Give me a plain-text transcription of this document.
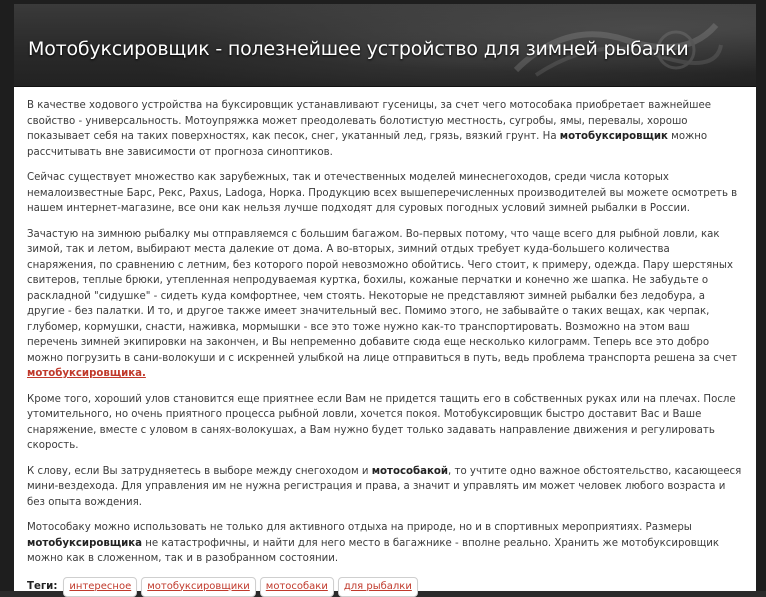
Мотобуксировщик - полезнейшее устройство для зимней рыбалки

В качестве ходового устройства на буксировщик устанавливают гусеницы, за счет чего мотособака приобретает важнейшее свойство - универсальность. Мотоупряжка может преодолевать болотистую местность, сугробы, ямы, перевалы, хорошо показывает себя на таких поверхностях, как песок, снег, укатанный лед, грязь, вязкий грунт. На мотобуксировщик можно рассчитывать вне зависимости от прогноза синоптиков.

Сейчас существует множество как зарубежных, так и отечественных моделей минеснегоходов, среди числа которых немалоизвестные Барс, Рекс, Paxus, Ladoga, Норка. Продукцию всех вышеперечисленных производителей вы можете осмотреть в нашем интернет-магазине, все они как нельзя лучше подходят для суровых погодных условий зимней рыбалки в России.

Зачастую на зимнюю рыбалку мы отправляемся с большим багажом. Во-первых потому, что чаще всего для рыбной ловли, как зимой, так и летом, выбирают места далекие от дома. А во-вторых, зимний отдых требует куда-большего количества снаряжения, по сравнению с летним, без которого порой невозможно обойтись. Чего стоит, к примеру, одежда. Пару шерстяных свитеров, теплые брюки, утепленная непродуваемая куртка, бохилы, кожаные перчатки и конечно же шапка. Не забудьте о раскладной "сидушке" - сидеть куда комфортнее, чем стоять. Некоторые не представляют зимней рыбалки без ледобура, а другие - без палатки. И то, и другое также имеет значительный вес. Помимо этого, не забывайте о таких вещах, как черпак, глубомер, кормушки, снасти, наживка, мормышки - все это тоже нужно как-то транспортировать. Возможно на этом ваш перечень зимней экипировки на закончен, и Вы непременно добавите сюда еще несколько килограмм. Теперь все это добро можно погрузить в сани-волокуши и с искренней улыбкой на лице отправиться в путь, ведь проблема транспорта решена за счет мотобуксировщика.

Кроме того, хороший улов становится еще приятнее если Вам не придется тащить его в собственных руках или на плечах. После утомительного, но очень приятного процесса рыбной ловли, хочется покоя. Мотобуксировщик быстро доставит Вас и Ваше снаряжение, вместе с уловом в санях-волокушах, а Вам нужно будет только задавать направление движения и регулировать скорость.

К слову, если Вы затрудняетесь в выборе между снегоходом и мотособакой, то учтите одно важное обстоятельство, касающееся мини-вездехода. Для управления им не нужна регистрация и права, а значит и управлять им может человек любого возраста и без опыта вождения.

Мотособаку можно использовать не только для активного отдыха на природе, но и в спортивных мероприятиях. Размеры мотобуксировщика не катастрофичны, и найти для него место в багажнике - вполне реально. Хранить же мотобуксировщик можно как в сложенном, так и в разобранном состоянии.

Теги:	интересное	мотобуксировщики	мотособаки	для рыбалки
